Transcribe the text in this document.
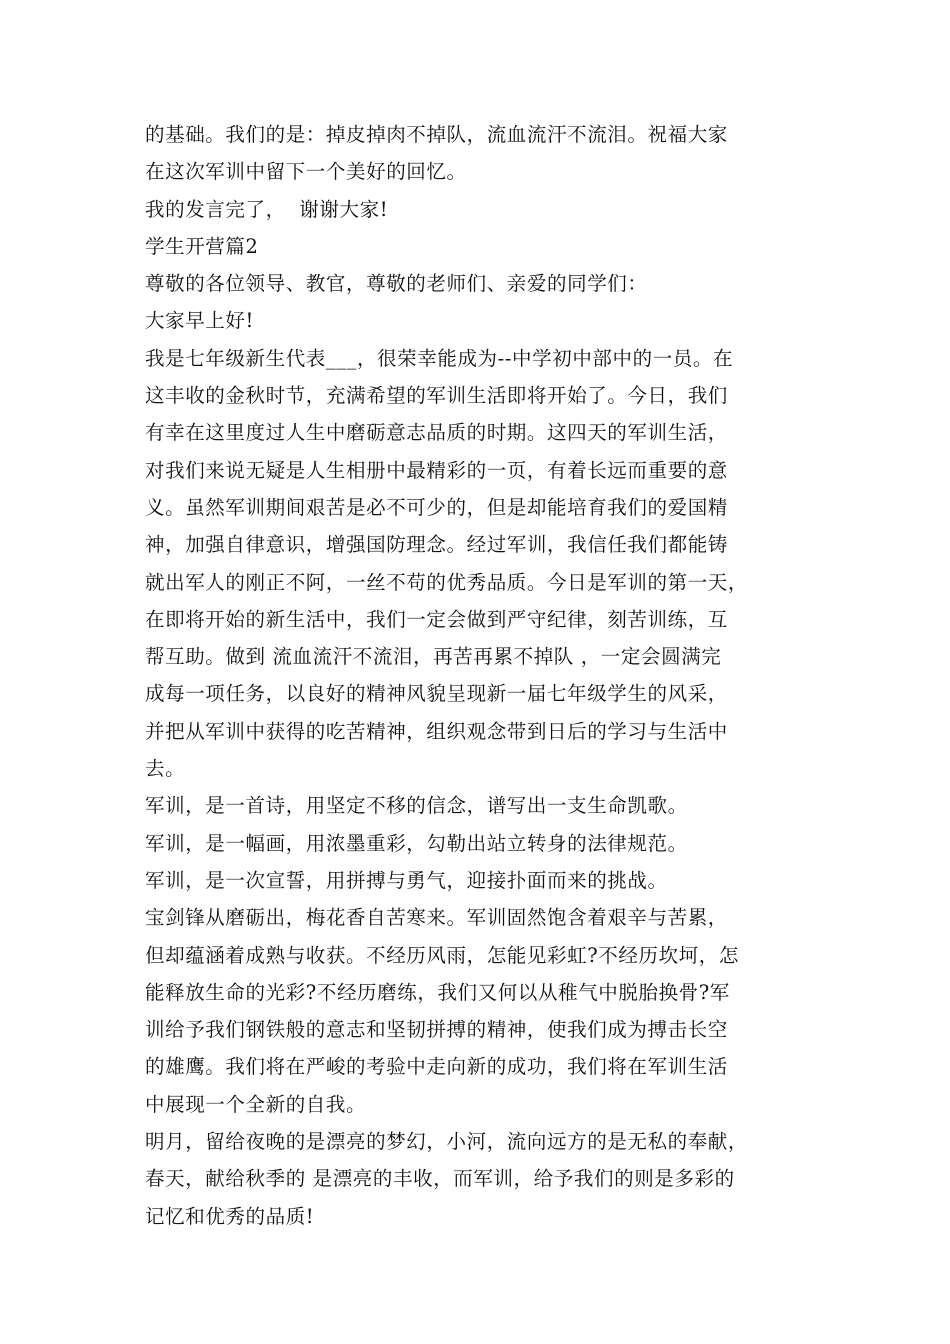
的基础。我们的是：掉皮掉肉不掉队，流血流汗不流泪。祝福大家
在这次军训中留下一个美好的回忆。
我的发言完了，  谢谢大家!
学生开营篇2
尊敬的各位领导、教官，尊敬的老师们、亲爱的同学们：
大家早上好!
我是七年级新生代表___，很荣幸能成为--中学初中部中的一员。在
这丰收的金秋时节，充满希望的军训生活即将开始了。今日，我们
有幸在这里度过人生中磨砺意志品质的时期。这四天的军训生活，
对我们来说无疑是人生相册中最精彩的一页，有着长远而重要的意
义。虽然军训期间艰苦是必不可少的，但是却能培育我们的爱国精
神，加强自律意识，增强国防理念。经过军训，我信任我们都能铸
就出军人的刚正不阿，一丝不苟的优秀品质。今日是军训的第一天，
在即将开始的新生活中，我们一定会做到严守纪律，刻苦训练，互
帮互助。做到 流血流汗不流泪，再苦再累不掉队 ，一定会圆满完
成每一项任务，以良好的精神风貌呈现新一届七年级学生的风采，
并把从军训中获得的吃苦精神，组织观念带到日后的学习与生活中
去。
军训，是一首诗，用坚定不移的信念，谱写出一支生命凯歌。
军训，是一幅画，用浓墨重彩，勾勒出站立转身的法律规范。
军训，是一次宣誓，用拼搏与勇气，迎接扑面而来的挑战。
宝剑锋从磨砺出，梅花香自苦寒来。军训固然饱含着艰辛与苦累，
但却蕴涵着成熟与收获。不经历风雨，怎能见彩虹?不经历坎坷，怎
能释放生命的光彩?不经历磨练，我们又何以从稚气中脱胎换骨?军
训给予我们钢铁般的意志和坚韧拼搏的精神，使我们成为搏击长空
的雄鹰。我们将在严峻的考验中走向新的成功，我们将在军训生活
中展现一个全新的自我。
明月，留给夜晚的是漂亮的梦幻，小河，流向远方的是无私的奉献，
春天，献给秋季的 是漂亮的丰收，而军训，给予我们的则是多彩的
记忆和优秀的品质!
